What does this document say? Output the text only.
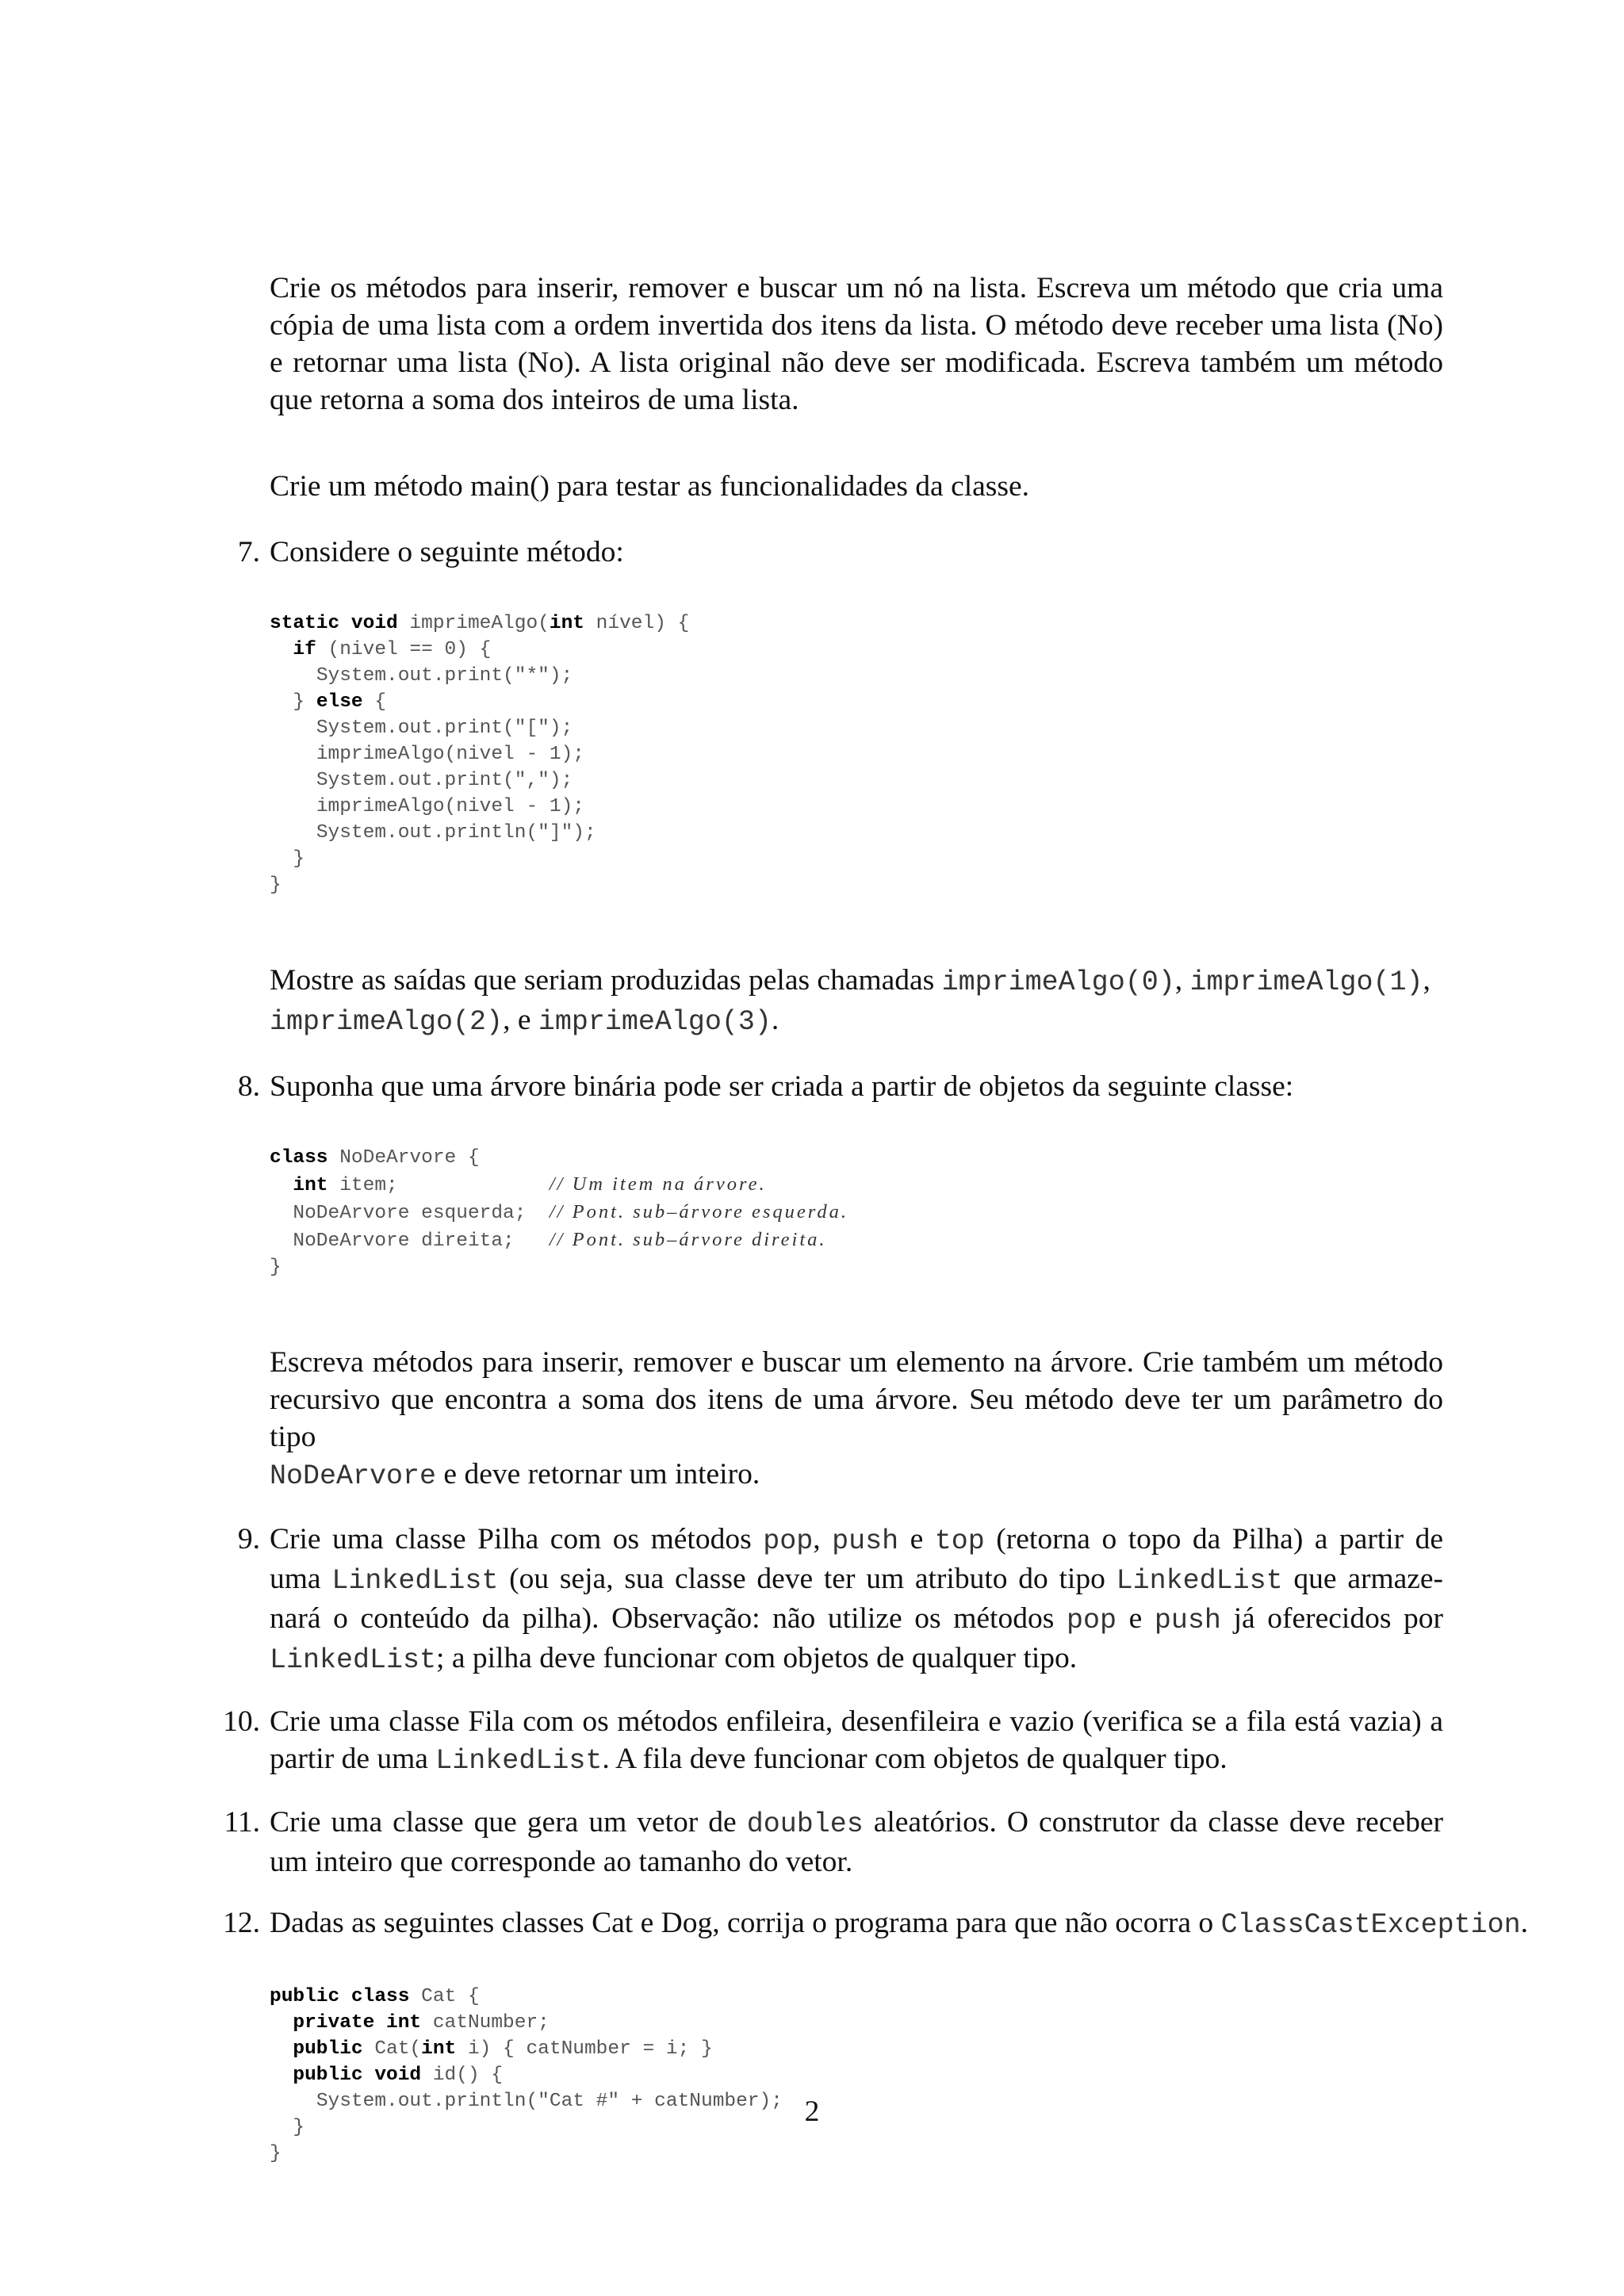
Crie os métodos para inserir, remover e buscar um nó na lista. Escreva um método que cria uma
cópia de uma lista com a ordem invertida dos itens da lista. O método deve receber uma lista (No)
e retornar uma lista (No). A lista original não deve ser modificada. Escreva também um método
que retorna a soma dos inteiros de uma lista.

Crie um método main() para testar as funcionalidades da classe.

7. Considere o seguinte método:

static void imprimeAlgo(int nível) {
if (nivel == 0) {
System.out.print("*");
} else {
System.out.print("[");
imprimeAlgo(nivel - 1);
System.out.print(",");
imprimeAlgo(nivel - 1);
System.out.println("]");
}
}

Mostre as saídas que seriam produzidas pelas chamadas imprimeAlgo(0), imprimeAlgo(1),
imprimeAlgo(2), e imprimeAlgo(3).

8. Suponha que uma árvore binária pode ser criada a partir de objetos da seguinte classe:

class NoDeArvore {
int item;	// Um item na árvore.
NoDeArvore esquerda; // Pont. sub–árvore esquerda.
NoDeArvore direita; // Pont. sub–árvore direita.
}

Escreva métodos para inserir, remover e buscar um elemento na árvore. Crie também um método
recursivo que encontra a soma dos itens de uma árvore. Seu método deve ter um parâmetro do tipo
NoDeArvore e deve retornar um inteiro.

9. Crie uma classe Pilha com os métodos pop, push e top (retorna o topo da Pilha) a partir de
uma LinkedList (ou seja, sua classe deve ter um atributo do tipo LinkedList que armaze-
nará o conteúdo da pilha). Observação: não utilize os métodos pop e push já oferecidos por
LinkedList; a pilha deve funcionar com objetos de qualquer tipo.

10. Crie uma classe Fila com os métodos enfileira, desenfileira e vazio (verifica se a fila está vazia) a
partir de uma LinkedList. A fila deve funcionar com objetos de qualquer tipo.

11. Crie uma classe que gera um vetor de doubles aleatórios. O construtor da classe deve receber
um inteiro que corresponde ao tamanho do vetor.

12. Dadas as seguintes classes Cat e Dog, corrija o programa para que não ocorra o ClassCastException.

public class Cat {
private int catNumber;
public Cat(int i) { catNumber = i; }
public void id() {
System.out.println("Cat #" + catNumber);
}
}
2
